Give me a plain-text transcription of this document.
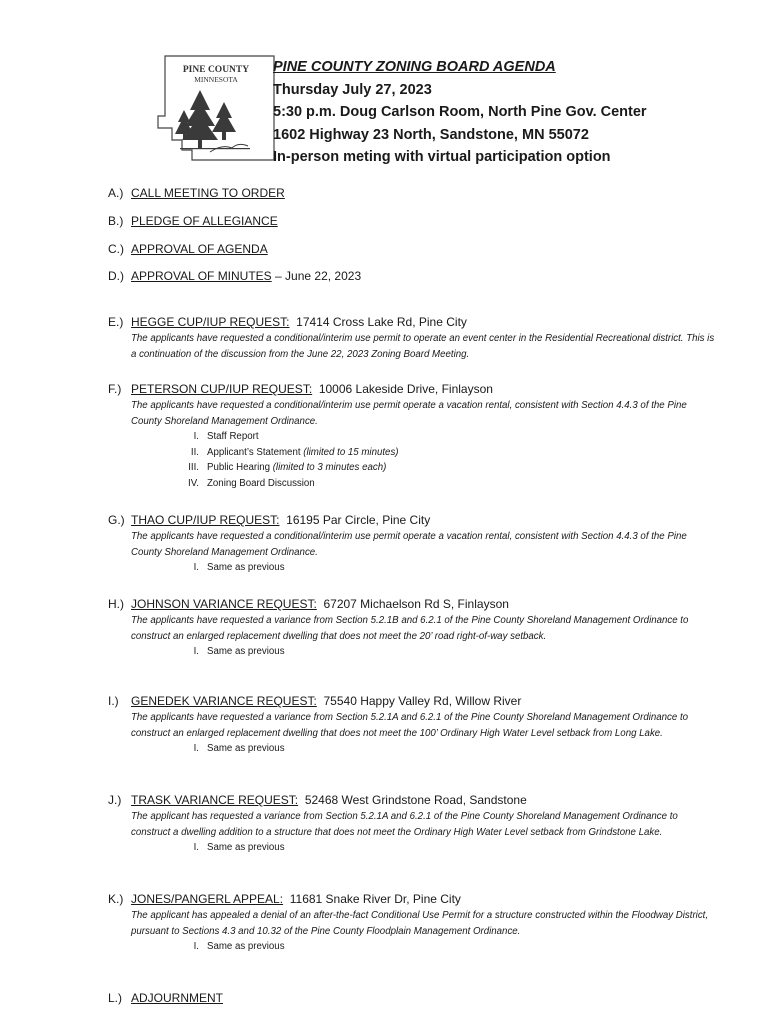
PINE COUNTY
MINNESOTA
PINE COUNTY ZONING BOARD AGENDA
Thursday July 27, 2023
5:30 p.m. Doug Carlson Room, North Pine Gov. Center
1602 Highway 23 North, Sandstone, MN 55072
In-person meting with virtual participation option
A.) CALL MEETING TO ORDER
B.) PLEDGE OF ALLEGIANCE
C.) APPROVAL OF AGENDA
D.) APPROVAL OF MINUTES – June 22, 2023
E.) HEGGE CUP/IUP REQUEST:  17414 Cross Lake Rd, Pine City
The applicants have requested a conditional/interim use permit to operate an event center in the Residential Recreational district. This is a continuation of the discussion from the June 22, 2023 Zoning Board Meeting.
F.) PETERSON CUP/IUP REQUEST:  10006 Lakeside Drive, Finlayson
The applicants have requested a conditional/interim use permit operate a vacation rental, consistent with Section 4.4.3 of the Pine County Shoreland Management Ordinance.
I. Staff Report
II. Applicant’s Statement (limited to 15 minutes)
III. Public Hearing (limited to 3 minutes each)
IV. Zoning Board Discussion
G.) THAO CUP/IUP REQUEST:  16195 Par Circle, Pine City
The applicants have requested a conditional/interim use permit operate a vacation rental, consistent with Section 4.4.3 of the Pine County Shoreland Management Ordinance.
I. Same as previous
H.) JOHNSON VARIANCE REQUEST:  67207 Michaelson Rd S, Finlayson
The applicants have requested a variance from Section 5.2.1B and 6.2.1 of the Pine County Shoreland Management Ordinance to construct an enlarged replacement dwelling that does not meet the 20’ road right-of-way setback.
I. Same as previous
I.) GENEDEK VARIANCE REQUEST:  75540 Happy Valley Rd, Willow River
The applicants have requested a variance from Section 5.2.1A and 6.2.1 of the Pine County Shoreland Management Ordinance to construct an enlarged replacement dwelling that does not meet the 100’ Ordinary High Water Level setback from Long Lake.
I. Same as previous
J.) TRASK VARIANCE REQUEST:  52468 West Grindstone Road, Sandstone
The applicant has requested a variance from Section 5.2.1A and 6.2.1 of the Pine County Shoreland Management Ordinance to construct a dwelling addition to a structure that does not meet the Ordinary High Water Level setback from Grindstone Lake.
I. Same as previous
K.) JONES/PANGERL APPEAL:  11681 Snake River Dr, Pine City
The applicant has appealed a denial of an after-the-fact Conditional Use Permit for a structure constructed within the Floodway District, pursuant to Sections 4.3 and 10.32 of the Pine County Floodplain Management Ordinance.
I. Same as previous
L.) ADJOURNMENT
